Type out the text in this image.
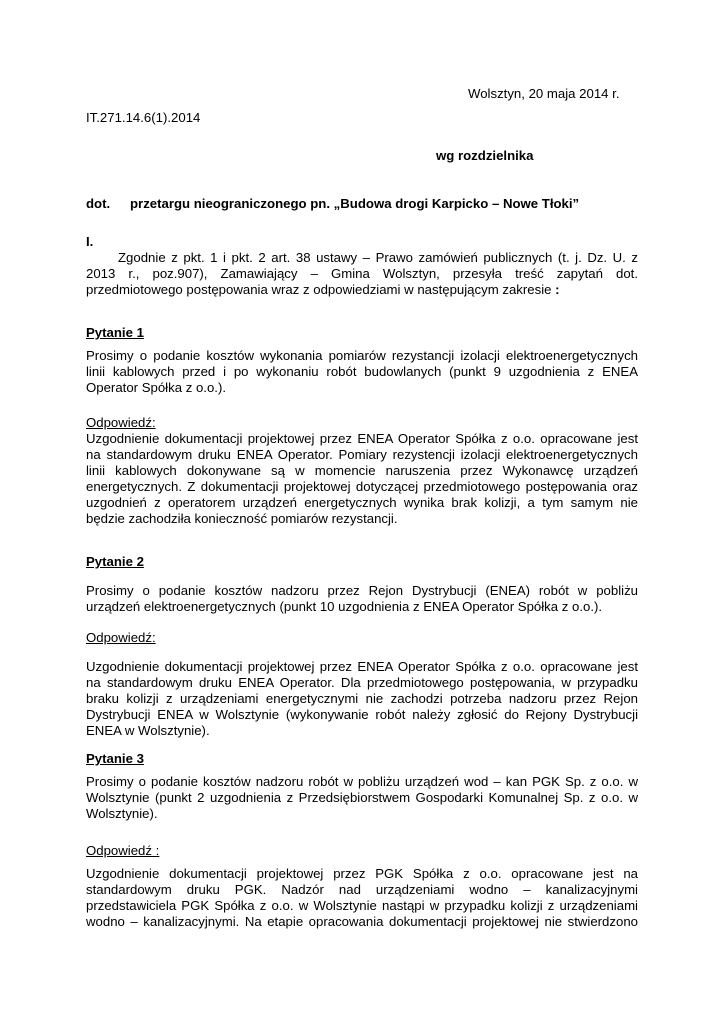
Wolsztyn, 20 maja 2014 r.
IT.271.14.6(1).2014
wg rozdzielnika
dot. przetargu nieograniczonego pn. „Budowa drogi Karpicko – Nowe Tłoki”
I.
Zgodnie z pkt. 1 i pkt. 2 art. 38 ustawy – Prawo zamówień publicznych (t. j. Dz. U. z
2013 r., poz.907), Zamawiający – Gmina Wolsztyn, przesyła treść zapytań dot.
przedmiotowego postępowania wraz z odpowiedziami w następującym zakresie :
Pytanie 1
Prosimy o podanie kosztów wykonania pomiarów rezystancji izolacji elektroenergetycznych
linii kablowych przed i po wykonaniu robót budowlanych (punkt 9 uzgodnienia z ENEA
Operator Spółka z o.o.).
Odpowiedź:
Uzgodnienie dokumentacji projektowej przez ENEA Operator Spółka z o.o. opracowane jest
na standardowym druku ENEA Operator. Pomiary rezystencji izolacji elektroenergetycznych
linii kablowych dokonywane są w momencie naruszenia przez Wykonawcę urządzeń
energetycznych. Z dokumentacji projektowej dotyczącej przedmiotowego postępowania oraz
uzgodnień z operatorem urządzeń energetycznych wynika brak kolizji, a tym samym nie
będzie zachodziła konieczność pomiarów rezystancji.
Pytanie 2
Prosimy o podanie kosztów nadzoru przez Rejon Dystrybucji (ENEA) robót w pobliżu
urządzeń elektroenergetycznych (punkt 10 uzgodnienia z ENEA Operator Spółka z o.o.).
Odpowiedź:
Uzgodnienie dokumentacji projektowej przez ENEA Operator Spółka z o.o. opracowane jest
na standardowym druku ENEA Operator. Dla przedmiotowego postępowania, w przypadku
braku kolizji z urządzeniami energetycznymi nie zachodzi potrzeba nadzoru przez Rejon
Dystrybucji ENEA w Wolsztynie (wykonywanie robót należy zgłosić do Rejony Dystrybucji
ENEA w Wolsztynie).
Pytanie 3
Prosimy o podanie kosztów nadzoru robót w pobliżu urządzeń wod – kan PGK Sp. z o.o. w
Wolsztynie (punkt 2 uzgodnienia z Przedsiębiorstwem Gospodarki Komunalnej Sp. z o.o. w
Wolsztynie).
Odpowiedź :
Uzgodnienie dokumentacji projektowej przez PGK Spółka z o.o. opracowane jest na
standardowym druku PGK. Nadzór nad urządzeniami wodno – kanalizacyjnymi
przedstawiciela PGK Spółka z o.o. w Wolsztynie nastąpi w przypadku kolizji z urządzeniami
wodno – kanalizacyjnymi. Na etapie opracowania dokumentacji projektowej nie stwierdzono
